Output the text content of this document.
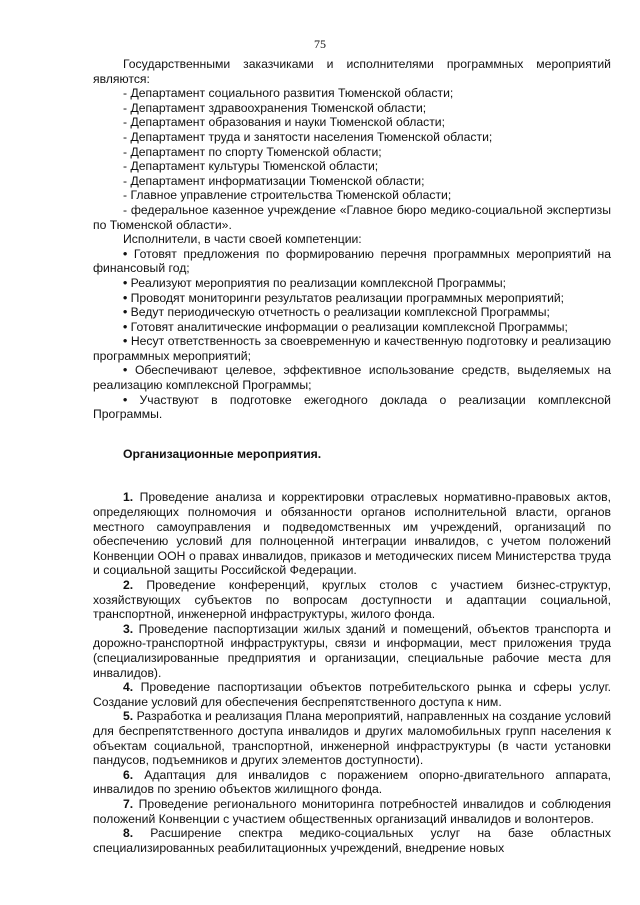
75

Государственными заказчиками и исполнителями программных мероприятий являются:

- Департамент социального развития Тюменской области;

- Департамент здравоохранения Тюменской области;

- Департамент образования и науки Тюменской области;

- Департамент труда и занятости населения Тюменской области;

- Департамент по спорту Тюменской области;

- Департамент культуры Тюменской области;

- Департамент информатизации Тюменской области;

- Главное управление строительства Тюменской области;

- федеральное казенное учреждение «Главное бюро медико-социальной экспертизы по Тюменской области».

Исполнители, в части своей компетенции:

• Готовят предложения по формированию перечня программных мероприятий на финансовый год;

• Реализуют мероприятия по реализации комплексной Программы;

• Проводят мониторинги результатов реализации программных мероприятий;

• Ведут периодическую отчетность о реализации комплексной Программы;

• Готовят аналитические информации о реализации комплексной Программы;

• Несут ответственность за своевременную и качественную подготовку и реализацию программных мероприятий;

• Обеспечивают целевое, эффективное использование средств, выделяемых на реализацию комплексной Программы;

• Участвуют в подготовке ежегодного доклада о реализации комплексной Программы.

Организационные мероприятия.

1. Проведение анализа и корректировки отраслевых нормативно-правовых актов, определяющих полномочия и обязанности органов исполнительной власти, органов местного самоуправления и подведомственных им учреждений, организаций по обеспечению условий для полноценной интеграции инвалидов, с учетом положений Конвенции ООН о правах инвалидов, приказов и методических писем Министерства труда и социальной защиты Российской Федерации.

2. Проведение конференций, круглых столов с участием бизнес-структур, хозяйствующих субъектов по вопросам доступности и адаптации социальной, транспортной, инженерной инфраструктуры, жилого фонда.

3. Проведение паспортизации жилых зданий и помещений, объектов транспорта и дорожно-транспортной инфраструктуры, связи и информации, мест приложения труда (специализированные предприятия и организации, специальные рабочие места для инвалидов).

4. Проведение паспортизации объектов потребительского рынка и сферы услуг. Создание условий для обеспечения беспрепятственного доступа к ним.

5. Разработка и реализация Плана мероприятий, направленных на создание условий для беспрепятственного доступа инвалидов и других маломобильных групп населения к объектам социальной, транспортной, инженерной инфраструктуры (в части установки пандусов, подъемников и других элементов доступности).

6. Адаптация для инвалидов с поражением опорно-двигательного аппарата, инвалидов по зрению объектов жилищного фонда.

7. Проведение регионального мониторинга потребностей инвалидов и соблюдения положений Конвенции с участием общественных организаций инвалидов и волонтеров.

8. Расширение спектра медико-социальных услуг на базе областных специализированных реабилитационных учреждений, внедрение новых
